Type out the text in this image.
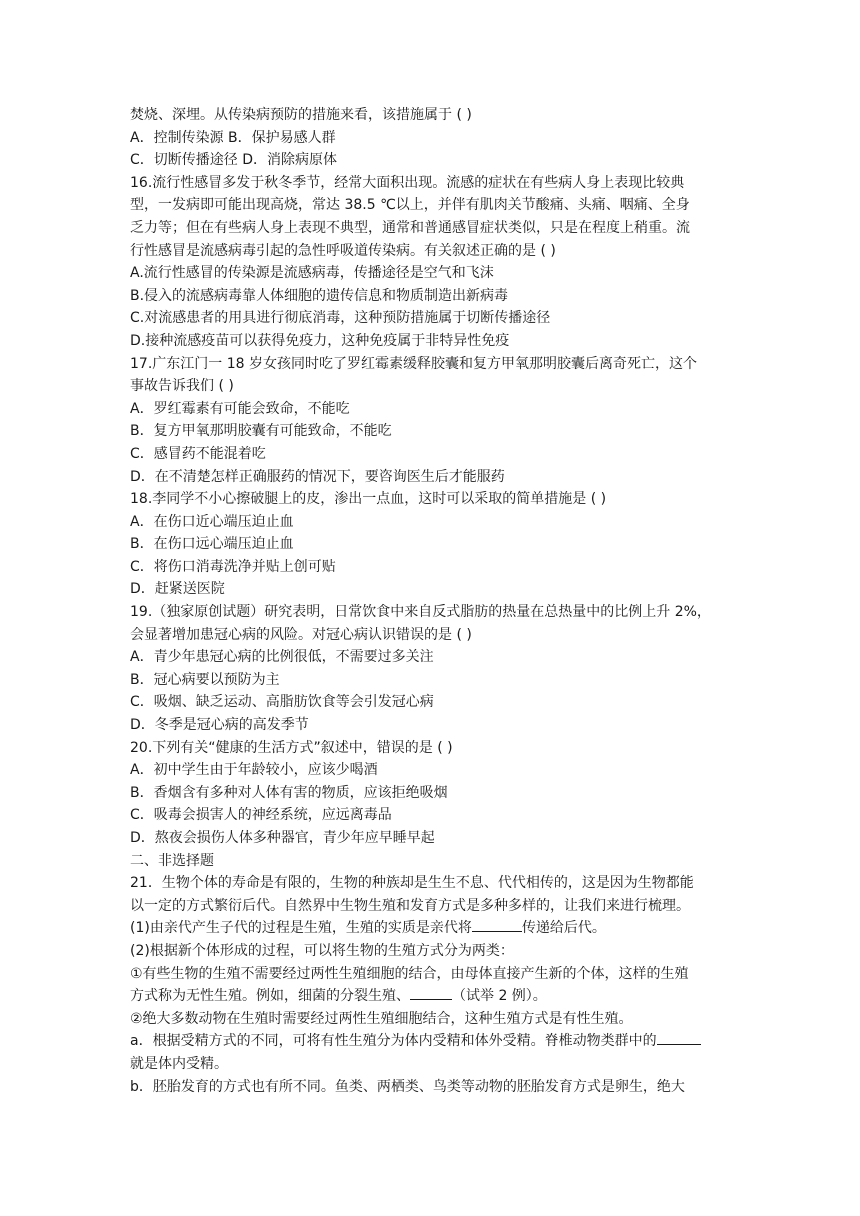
焚烧、深埋。从传染病预防的措施来看，该措施属于 ( )
A．控制传染源 B．保护易感人群
C．切断传播途径 D．消除病原体
16.流行性感冒多发于秋冬季节，经常大面积出现。流感的症状在有些病人身上表现比较典
型，一发病即可能出现高烧，常达 38.5 ℃以上，并伴有肌肉关节酸痛、头痛、咽痛、全身
乏力等；但在有些病人身上表现不典型，通常和普通感冒症状类似，只是在程度上稍重。流
行性感冒是流感病毒引起的急性呼吸道传染病。有关叙述正确的是 ( )
A.流行性感冒的传染源是流感病毒，传播途径是空气和飞沫
B.侵入的流感病毒靠人体细胞的遗传信息和物质制造出新病毒
C.对流感患者的用具进行彻底消毒，这种预防措施属于切断传播途径
D.接种流感疫苗可以获得免疫力，这种免疫属于非特异性免疫
17.广东江门一 18 岁女孩同时吃了罗红霉素缓释胶囊和复方甲氧那明胶囊后离奇死亡，这个
事故告诉我们 ( )
A．罗红霉素有可能会致命，不能吃
B．复方甲氧那明胶囊有可能致命，不能吃
C．感冒药不能混着吃
D．在不清楚怎样正确服药的情况下，要咨询医生后才能服药
18.李同学不小心擦破腿上的皮，渗出一点血，这时可以采取的简单措施是 ( )
A．在伤口近心端压迫止血
B．在伤口远心端压迫止血
C．将伤口消毒洗净并贴上创可贴
D．赶紧送医院
19.（独家原创试题）研究表明，日常饮食中来自反式脂肪的热量在总热量中的比例上升 2%，
会显著增加患冠心病的风险。对冠心病认识错误的是 ( )
A．青少年患冠心病的比例很低，不需要过多关注
B．冠心病要以预防为主
C．吸烟、缺乏运动、高脂肪饮食等会引发冠心病
D．冬季是冠心病的高发季节
20.下列有关“健康的生活方式”叙述中，错误的是 ( )
A．初中学生由于年龄较小，应该少喝酒
B．香烟含有多种对人体有害的物质，应该拒绝吸烟
C．吸毒会损害人的神经系统，应远离毒品
D．熬夜会损伤人体多种器官，青少年应早睡早起
二、非选择题
21．生物个体的寿命是有限的，生物的种族却是生生不息、代代相传的，这是因为生物都能
以一定的方式繁衍后代。自然界中生物生殖和发育方式是多种多样的，让我们来进行梳理。
(1)由亲代产生子代的过程是生殖，生殖的实质是亲代将	传递给后代。
(2)根据新个体形成的过程，可以将生物的生殖方式分为两类：
①有些生物的生殖不需要经过两性生殖细胞的结合，由母体直接产生新的个体，这样的生殖
方式称为无性生殖。例如，细菌的分裂生殖、	（试举 2 例）。
②绝大多数动物在生殖时需要经过两性生殖细胞结合，这种生殖方式是有性生殖。
a．根据受精方式的不同，可将有性生殖分为体内受精和体外受精。脊椎动物类群中的
就是体内受精。
b．胚胎发育的方式也有所不同。鱼类、两栖类、鸟类等动物的胚胎发育方式是卵生，绝大
